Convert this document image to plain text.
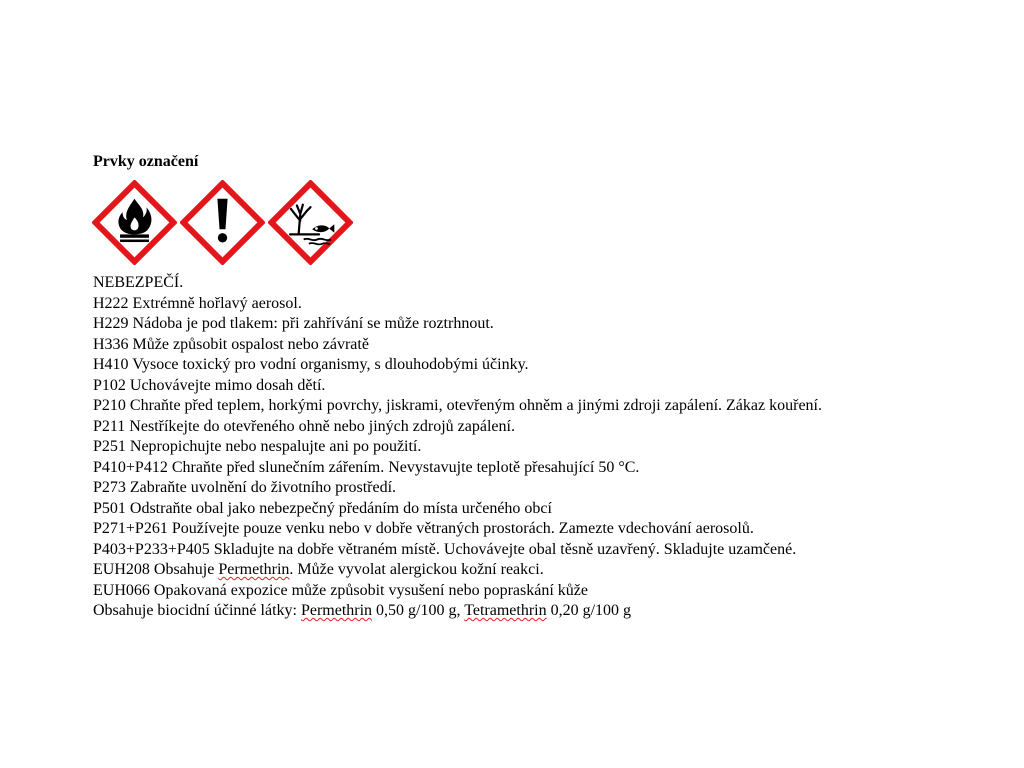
Prvky označení

NEBEZPEČÍ.
H222 Extrémně hořlavý aerosol.
H229 Nádoba je pod tlakem: při zahřívání se může roztrhnout.
H336 Může způsobit ospalost nebo závratě
H410 Vysoce toxický pro vodní organismy, s dlouhodobými účinky.
P102 Uchovávejte mimo dosah dětí.
P210 Chraňte před teplem, horkými povrchy, jiskrami, otevřeným ohněm a jinými zdroji zapálení. Zákaz kouření.
P211 Nestříkejte do otevřeného ohně nebo jiných zdrojů zapálení.
P251 Nepropichujte nebo nespalujte ani po použití.
P410+P412 Chraňte před slunečním zářením. Nevystavujte teplotě přesahující 50 °C.
P273 Zabraňte uvolnění do životního prostředí.
P501 Odstraňte obal jako nebezpečný předáním do místa určeného obcí
P271+P261 Používejte pouze venku nebo v dobře větraných prostorách. Zamezte vdechování aerosolů.
P403+P233+P405 Skladujte na dobře větraném místě. Uchovávejte obal těsně uzavřený. Skladujte uzamčené.
EUH208 Obsahuje Permethrin. Může vyvolat alergickou kožní reakci.
EUH066 Opakovaná expozice může způsobit vysušení nebo popraskání kůže
Obsahuje biocidní účinné látky: Permethrin 0,50 g/100 g, Tetramethrin 0,20 g/100 g
